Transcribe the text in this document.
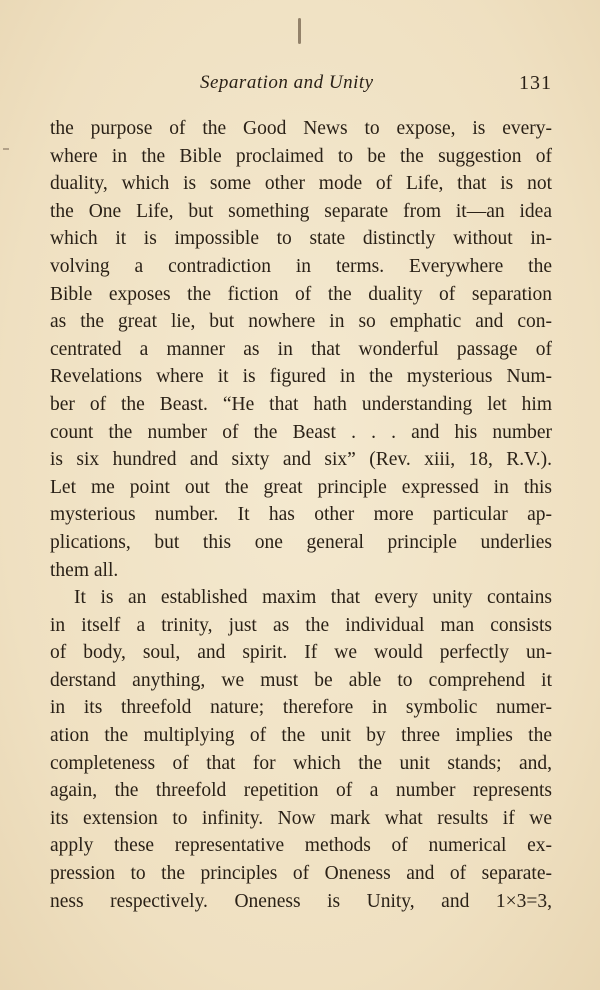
Separation and Unity	131
the purpose of the Good News to expose, is every-
where in the Bible proclaimed to be the suggestion of
duality, which is some other mode of Life, that is not
the One Life, but something separate from it—an idea
which it is impossible to state distinctly without in-
volving a contradiction in terms. Everywhere the
Bible exposes the fiction of the duality of separation
as the great lie, but nowhere in so emphatic and con-
centrated a manner as in that wonderful passage of
Revelations where it is figured in the mysterious Num-
ber of the Beast. “He that hath understanding let him
count the number of the Beast . . . and his number
is six hundred and sixty and six” (Rev. xiii, 18, R.V.).
Let me point out the great principle expressed in this
mysterious number. It has other more particular ap-
plications, but this one general principle underlies
them all.
It is an established maxim that every unity contains
in itself a trinity, just as the individual man consists
of body, soul, and spirit. If we would perfectly un-
derstand anything, we must be able to comprehend it
in its threefold nature; therefore in symbolic numer-
ation the multiplying of the unit by three implies the
completeness of that for which the unit stands; and,
again, the threefold repetition of a number represents
its extension to infinity. Now mark what results if we
apply these representative methods of numerical ex-
pression to the principles of Oneness and of separate-
ness respectively. Oneness is Unity, and 1×3=3,
